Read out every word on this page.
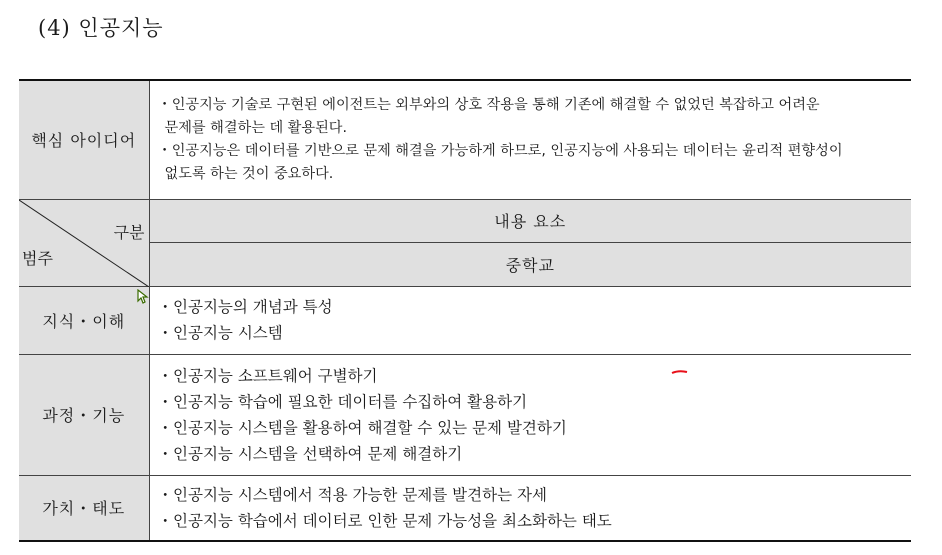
(4) 인공지능
핵심 아이디어	・인공지능 기술로 구현된 에이전트는 외부와의 상호 작용을 통해 기존에 해결할 수 없었던 복잡하고 어려운
문제를 해결하는 데 활용된다.
・인공지능은 데이터를 기반으로 문제 해결을 가능하게 하므로, 인공지능에 사용되는 데이터는 윤리적 편향성이
없도록 하는 것이 중요하다.

구분
범주	내용 요소
	중학교
지식・이해	・인공지능의 개념과 특성
・인공지능 시스템

과정・기능	・인공지능 소프트웨어 구별하기
・인공지능 학습에 필요한 데이터를 수집하여 활용하기
・인공지능 시스템을 활용하여 해결할 수 있는 문제 발견하기
・인공지능 시스템을 선택하여 문제 해결하기

가치・태도	・인공지능 시스템에서 적용 가능한 문제를 발견하는 자세
・인공지능 학습에서 데이터로 인한 문제 가능성을 최소화하는 태도
